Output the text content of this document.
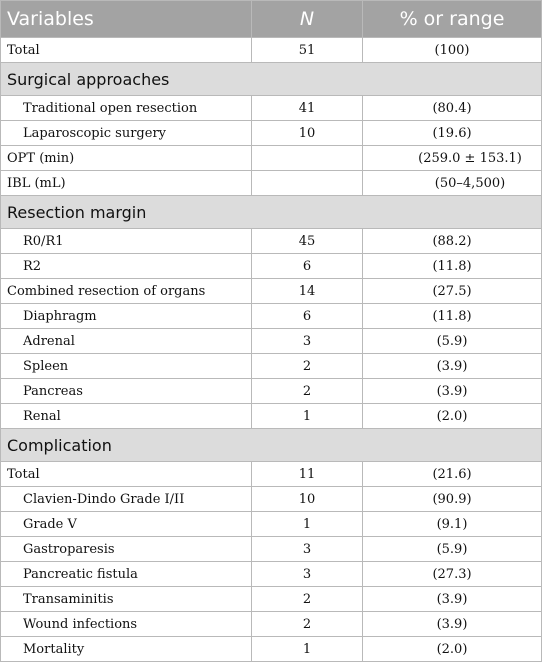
Variables	N	% or range
Total	51	(100)
Surgical approaches		
Traditional open resection	41	(80.4)
Laparoscopic surgery	10	(19.6)
OPT (min)		(259.0 ± 153.1)
IBL (mL)		(50–4,500)
Resection margin		
R0/R1	45	(88.2)
R2	6	(11.8)
Combined resection of organs	14	(27.5)
Diaphragm	6	(11.8)
Adrenal	3	(5.9)
Spleen	2	(3.9)
Pancreas	2	(3.9)
Renal	1	(2.0)
Complication		
Total	11	(21.6)
Clavien-Dindo Grade I/II	10	(90.9)
Grade V	1	(9.1)
Gastroparesis	3	(5.9)
Pancreatic fistula	3	(27.3)
Transaminitis	2	(3.9)
Wound infections	2	(3.9)
Mortality	1	(2.0)
